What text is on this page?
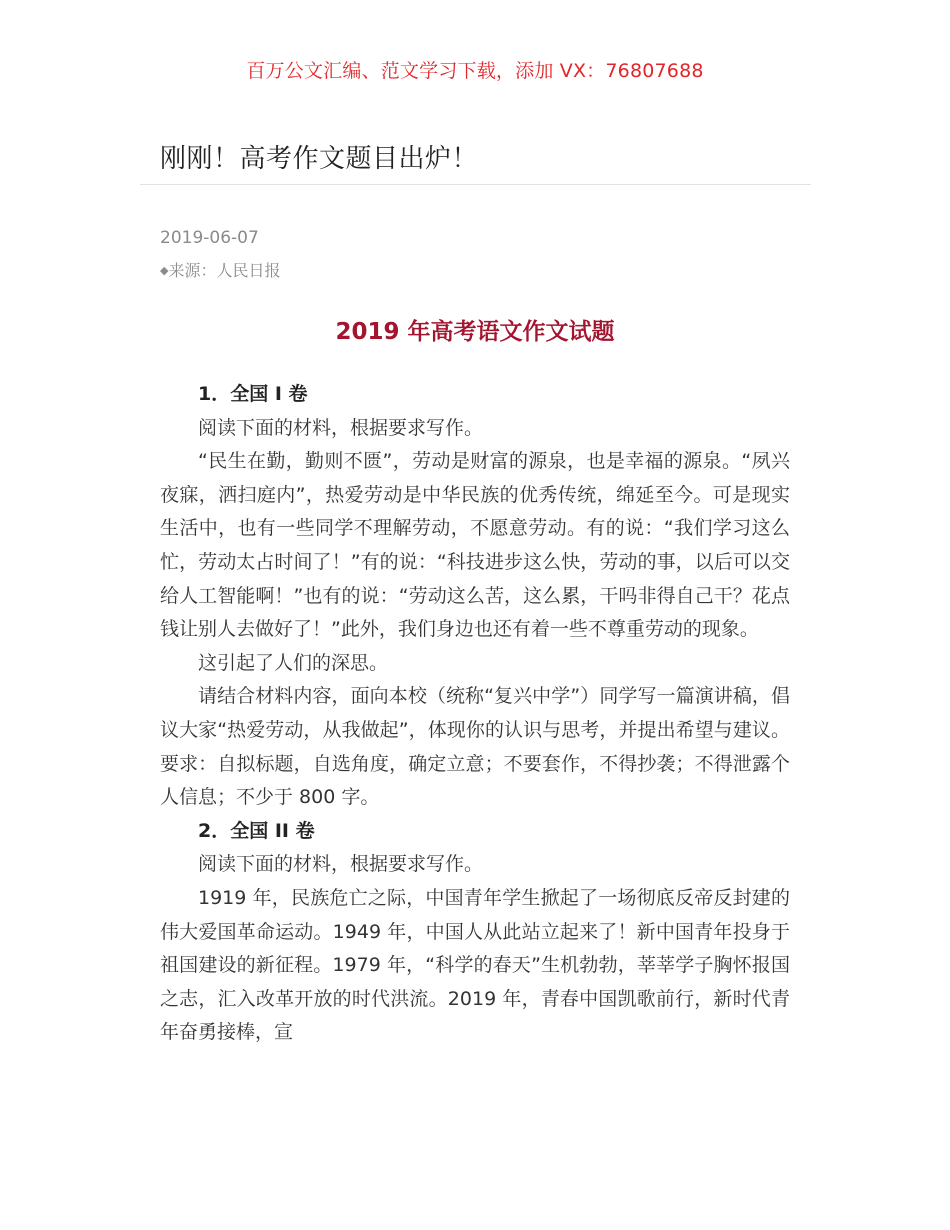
百万公文汇编、范文学习下载，添加 VX：76807688
刚刚！高考作文题目出炉！
2019-06-07
◆来源：人民日报
2019 年高考语文作文试题

1．全国 I 卷

阅读下面的材料，根据要求写作。

“民生在勤，勤则不匮”，劳动是财富的源泉，也是幸福的源泉。“夙兴夜寐，洒扫庭内”，热爱劳动是中华民族的优秀传统，绵延至今。可是现实生活中，也有一些同学不理解劳动，不愿意劳动。有的说：“我们学习这么忙，劳动太占时间了！”有的说：“科技进步这么快，劳动的事，以后可以交给人工智能啊！”也有的说：“劳动这么苦，这么累，干吗非得自己干？花点钱让别人去做好了！”此外，我们身边也还有着一些不尊重劳动的现象。

这引起了人们的深思。

请结合材料内容，面向本校（统称“复兴中学”）同学写一篇演讲稿，倡议大家“热爱劳动，从我做起”，体现你的认识与思考，并提出希望与建议。要求：自拟标题，自选角度，确定立意；不要套作，不得抄袭；不得泄露个人信息；不少于 800 字。

2．全国 II 卷

阅读下面的材料，根据要求写作。

1919 年，民族危亡之际，中国青年学生掀起了一场彻底反帝反封建的伟大爱国革命运动。1949 年，中国人从此站立起来了！新中国青年投身于祖国建设的新征程。1979 年，“科学的春天”生机勃勃，莘莘学子胸怀报国之志，汇入改革开放的时代洪流。2019 年，青春中国凯歌前行，新时代青年奋勇接棒，宣
